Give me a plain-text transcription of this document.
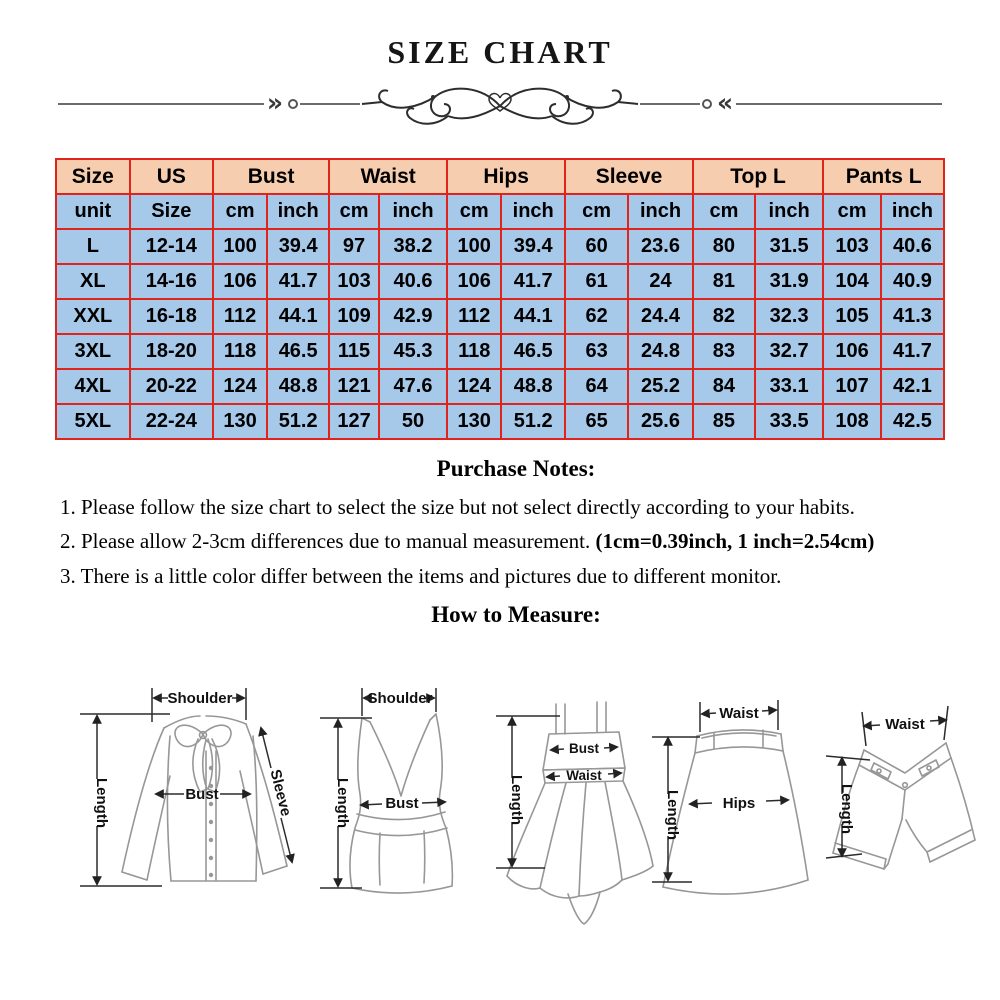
SIZE CHART
»	«
Size	US	Bust		Waist		Hips		Sleeve		Top L		Pants L	
unit	Size	cm	inch	cm	inch	cm	inch	cm	inch	cm	inch	cm	inch
L	12-14	100	39.4	97	38.2	100	39.4	60	23.6	80	31.5	103	40.6
XL	14-16	106	41.7	103	40.6	106	41.7	61	24	81	31.9	104	40.9
XXL	16-18	112	44.1	109	42.9	112	44.1	62	24.4	82	32.3	105	41.3
3XL	18-20	118	46.5	115	45.3	118	46.5	63	24.8	83	32.7	106	41.7
4XL	20-22	124	48.8	121	47.6	124	48.8	64	25.2	84	33.1	107	42.1
5XL	22-24	130	51.2	127	50	130	51.2	65	25.6	85	33.5	108	42.5
Purchase Notes:

1. Please follow the size chart to select the size but not select directly according to your habits.

2. Please allow 2-3cm differences due to manual measurement. (1cm=0.39inch, 1 inch=2.54cm)

3. There is a little color differ between the items and pictures due to different monitor.

How to Measure:
Shoulder
Length	Bust	Sleeve
Shoulder
Length Bust	Length
Bust
Waist
Waist
Length	Hips
Waist
Length
